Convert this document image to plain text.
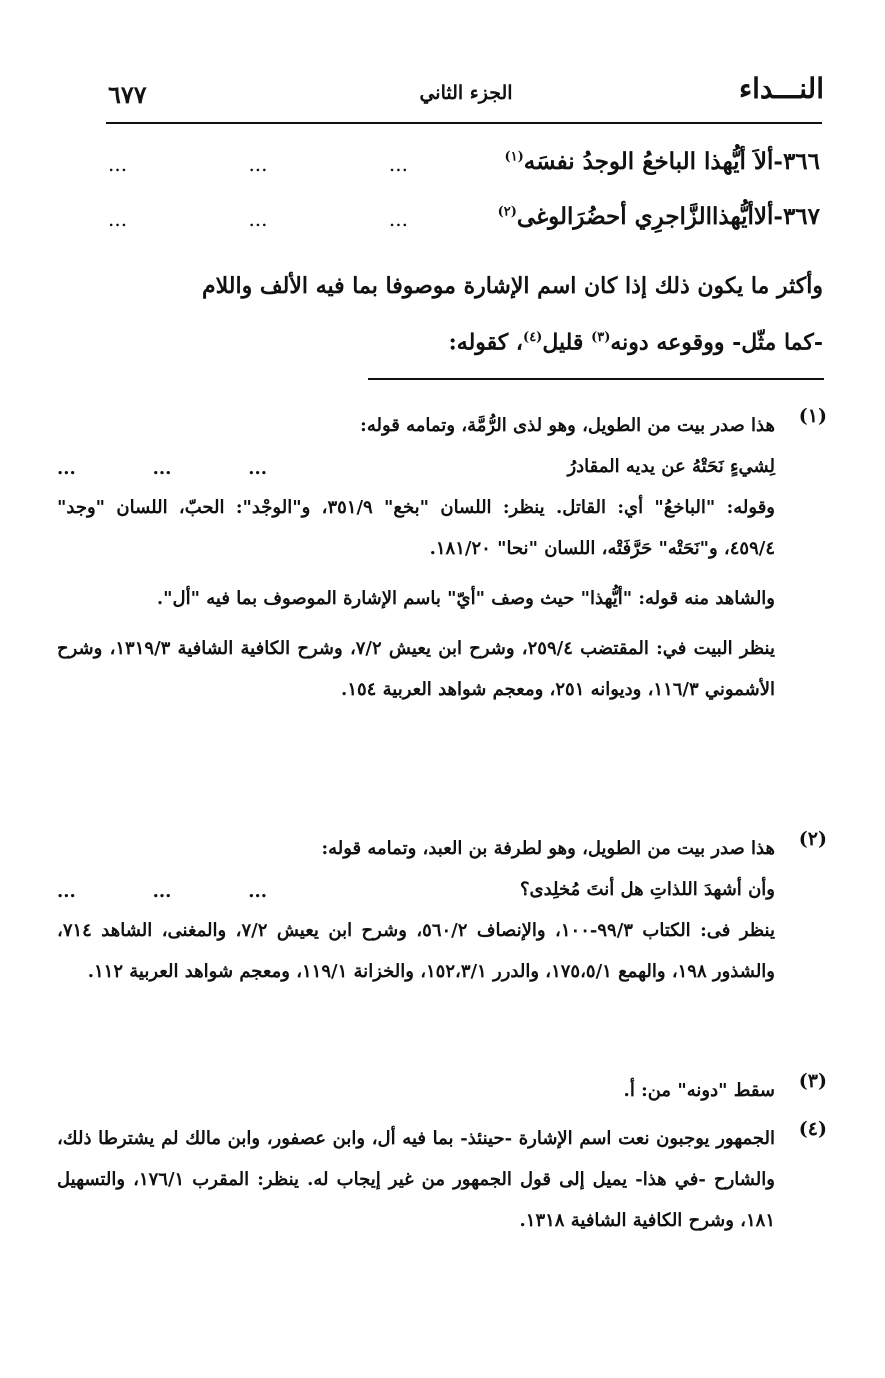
النـــداء
الجزء الثاني
٦٧٧
٣٦٦-ألاَ أيُّهذا الباخعُ الوجدُ نفسَه$^{(١)}$
...	...	...
٣٦٧-ألاأيُّهذاالزَّاجرِي أحضُرَالوغى$^{(٢)}$
...	...	...
وأكثر ما يكون ذلك إذا كان اسم الإشارة موصوفا بما فيه الألف واللام
-كما مثّل- ووقوعه دونه$^{(٣)}$ قليل$^{(٤)}$، كقوله:
(١)

هذا صدر بيت من الطويل، وهو لذى الرُّمَّة، وتمامه قوله:

لِشيءٍ نَحَتْهُ عن يديه المقادرُ
...	...	...

وقوله: "الباخعُ" أي: القاتل. ينظر: اللسان "بخع" ٣٥١/٩، و"الوجْد": الحبّ، اللسان "وجد" ٤٥٩/٤، و"نَحَتْه" حَرَّفَتْه، اللسان "نحا" ١٨١/٢٠.

والشاهد منه قوله: "أيُّهذا" حيث وصف "أيّ" باسم الإشارة الموصوف بما فيه "أل".

ينظر البيت في: المقتضب ٢٥٩/٤، وشرح ابن يعيش ٧/٢، وشرح الكافية الشافية ١٣١٩/٣، وشرح الأشموني ١١٦/٣، وديوانه ٢٥١، ومعجم شواهد العربية ١٥٤.

(٢)

هذا صدر بيت من الطويل، وهو لطرفة بن العبد، وتمامه قوله:

وأن أشهدَ اللذاتِ هل أنتَ مُخلِدى؟
...	...	...

ينظر فى: الكتاب ٩٩/٣-١٠٠، والإنصاف ٥٦٠/٢، وشرح ابن يعيش ٧/٢، والمغنى، الشاهد ٧١٤، والشذور ١٩٨، والهمع ١٧٥،٥/١، والدرر ١٥٢،٣/١، والخزانة ١١٩/١، ومعجم شواهد العربية ١١٢.

(٣)

سقط "دونه" من: أ.

(٤)

الجمهور يوجبون نعت اسم الإشارة -حينئذ- بما فيه أل، وابن عصفور، وابن مالك لم يشترطا ذلك، والشارح -في هذا- يميل إلى قول الجمهور من غير إيجاب له. ينظر: المقرب ١٧٦/١، والتسهيل ١٨١، وشرح الكافية الشافية ١٣١٨.
